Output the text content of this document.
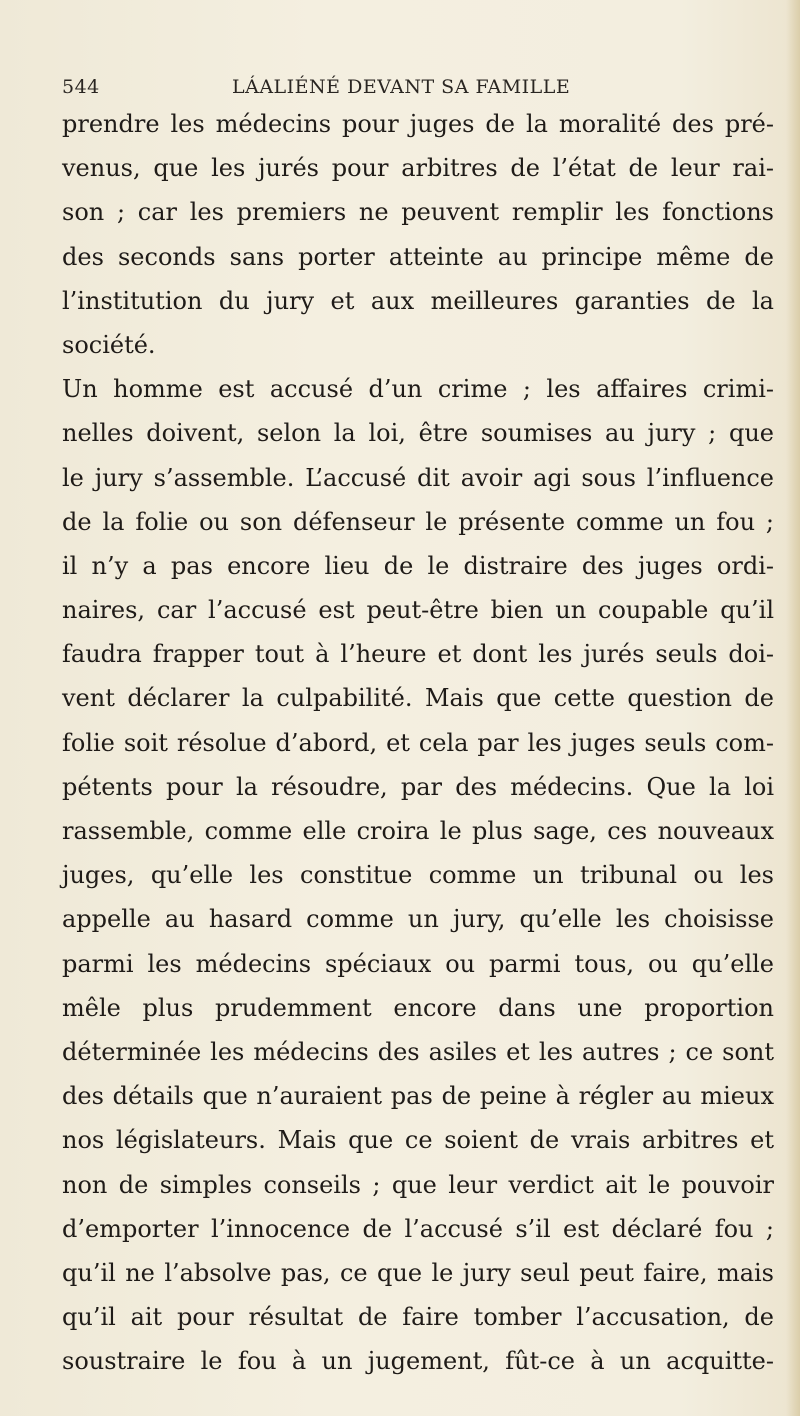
544	LÁALIÉNÉ DEVANT SA FAMILLE
prendre les médecins pour juges de la moralité des pré-
venus, que les jurés pour arbitres de l’état de leur rai-
son ; car les premiers ne peuvent remplir les fonctions
des seconds sans porter atteinte au principe même de
l’institution du jury et aux meilleures garanties de la
société.
Un homme est accusé d’un crime ; les affaires crimi-
nelles doivent, selon la loi, être soumises au jury ; que
le jury s’assemble. L’accusé dit avoir agi sous l’influence
de la folie ou son défenseur le présente comme un fou ;
il n’y a pas encore lieu de le distraire des juges ordi-
naires, car l’accusé est peut-être bien un coupable qu’il
faudra frapper tout à l’heure et dont les jurés seuls doi-
vent déclarer la culpabilité. Mais que cette question de
folie soit résolue d’abord, et cela par les juges seuls com-
pétents pour la résoudre, par des médecins. Que la loi
rassemble, comme elle croira le plus sage, ces nouveaux
juges, qu’elle les constitue comme un tribunal ou les
appelle au hasard comme un jury, qu’elle les choisisse
parmi les médecins spéciaux ou parmi tous, ou qu’elle
mêle plus prudemment encore dans une proportion
déterminée les médecins des asiles et les autres ; ce sont
des détails que n’auraient pas de peine à régler au mieux
nos législateurs. Mais que ce soient de vrais arbitres et
non de simples conseils ; que leur verdict ait le pouvoir
d’emporter l’innocence de l’accusé s’il est déclaré fou ;
qu’il ne l’absolve pas, ce que le jury seul peut faire, mais
qu’il ait pour résultat de faire tomber l’accusation, de
soustraire le fou à un jugement, fût-ce à un acquitte-
